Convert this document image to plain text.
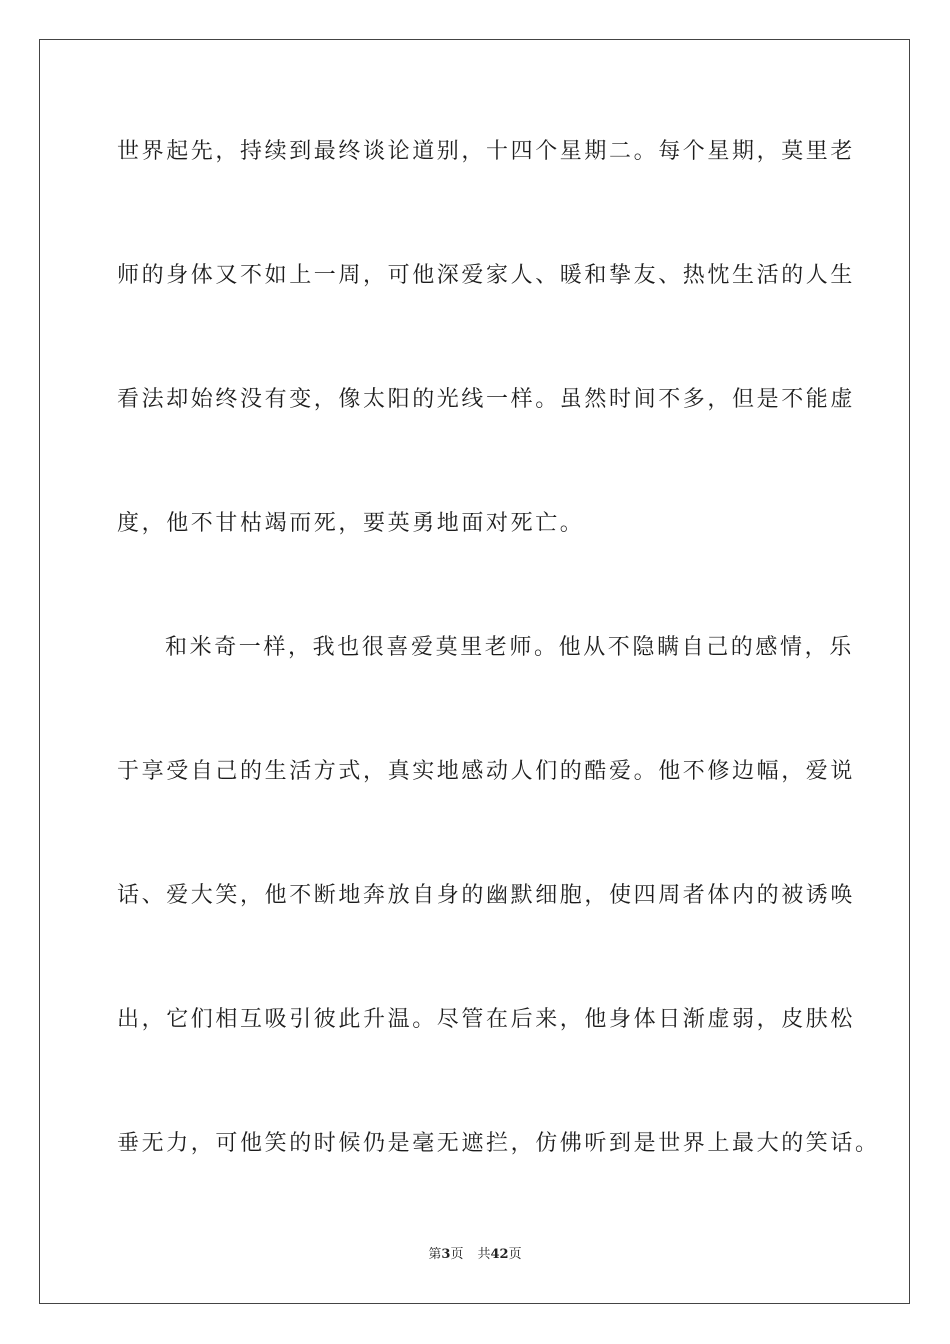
世界起先，持续到最终谈论道别，十四个星期二。每个星期，莫里老
师的身体又不如上一周，可他深爱家人、暖和挚友、热忱生活的人生
看法却始终没有变，像太阳的光线一样。虽然时间不多，但是不能虚
度，他不甘枯竭而死，要英勇地面对死亡。
和米奇一样，我也很喜爱莫里老师。他从不隐瞒自己的感情，乐
于享受自己的生活方式，真实地感动人们的酷爱。他不修边幅，爱说
话、爱大笑，他不断地奔放自身的幽默细胞，使四周者体内的被诱唤
出，它们相互吸引彼此升温。尽管在后来，他身体日渐虚弱，皮肤松
垂无力，可他笑的时候仍是毫无遮拦，仿佛听到是世界上最大的笑话。
第3页 共42页
